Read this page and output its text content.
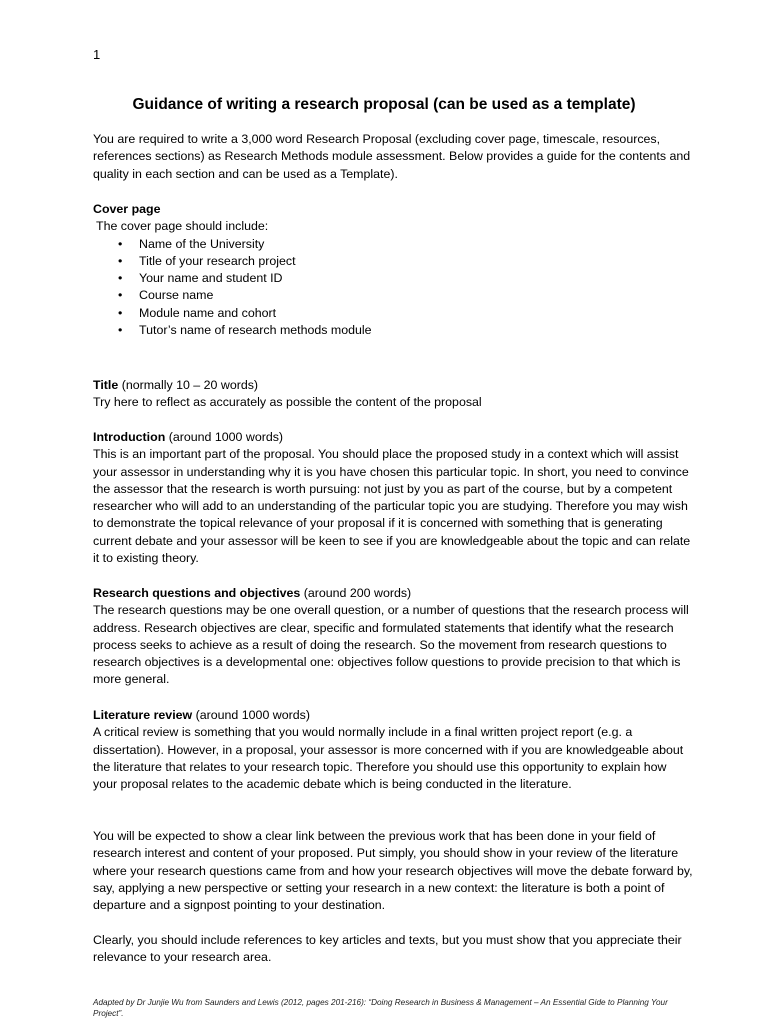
1
Guidance of writing a research proposal (can be used as a template)
You are required to write a 3,000 word Research Proposal (excluding cover page, timescale, resources, references sections) as Research Methods module assessment. Below provides a guide for the contents and quality in each section and can be used as a Template).
Cover page
The cover page should include:
• Name of the University
• Title of your research project
• Your name and student ID
• Course name
• Module name and cohort
• Tutor’s name of research methods module
Title (normally 10 – 20 words)
Try here to reflect as accurately as possible the content of the proposal
Introduction (around 1000 words)
This is an important part of the proposal. You should place the proposed study in a context which will assist your assessor in understanding why it is you have chosen this particular topic. In short, you need to convince the assessor that the research is worth pursuing: not just by you as part of the course, but by a competent researcher who will add to an understanding of the particular topic you are studying. Therefore you may wish to demonstrate the topical relevance of your proposal if it is concerned with something that is generating current debate and your assessor will be keen to see if you are knowledgeable about the topic and can relate it to existing theory.
Research questions and objectives (around 200 words)
The research questions may be one overall question, or a number of questions that the research process will address. Research objectives are clear, specific and formulated statements that identify what the research process seeks to achieve as a result of doing the research. So the movement from research questions to research objectives is a developmental one: objectives follow questions to provide precision to that which is more general.
Literature review (around 1000 words)
A critical review is something that you would normally include in a final written project report (e.g. a dissertation). However, in a proposal, your assessor is more concerned with if you are knowledgeable about the literature that relates to your research topic. Therefore you should use this opportunity to explain how your proposal relates to the academic debate which is being conducted in the literature.
You will be expected to show a clear link between the previous work that has been done in your field of research interest and content of your proposed. Put simply, you should show in your review of the literature where your research questions came from and how your research objectives will move the debate forward by, say, applying a new perspective or setting your research in a new context: the literature is both a point of departure and a signpost pointing to your destination.
Clearly, you should include references to key articles and texts, but you must show that you appreciate their relevance to your research area.
Adapted by Dr Junjie Wu from Saunders and Lewis (2012, pages 201-216): “Doing Research in Business & Management – An Essential Gide to Planning Your Project”.
